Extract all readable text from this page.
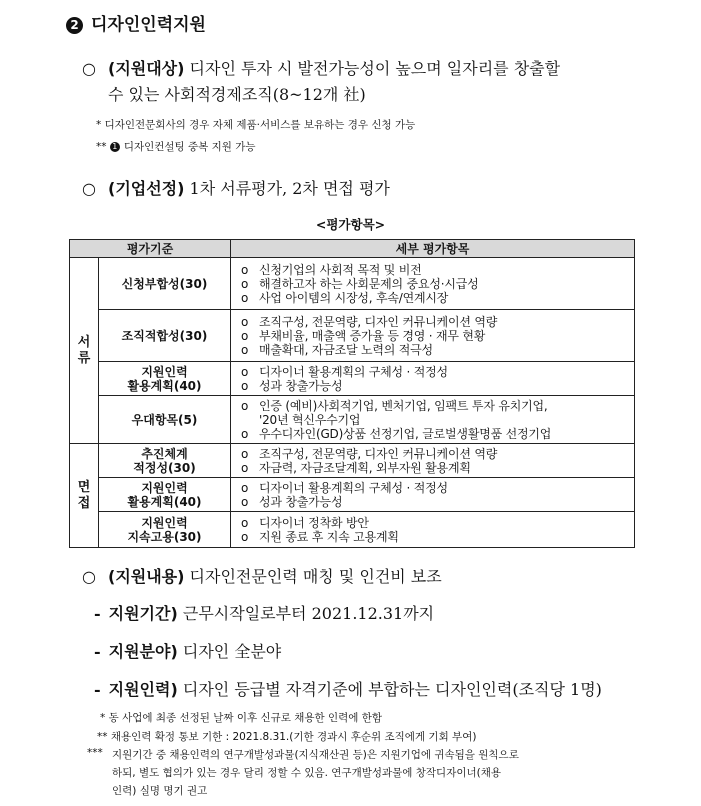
2 디자인인력지원
○ (지원대상) 디자인 투자 시 발전가능성이 높으며 일자리를 창출할
수 있는 사회적경제조직(8~12개 社)
* 디자인전문회사의 경우 자체 제품·서비스를 보유하는 경우 신청 가능
** 1 디자인컨설팅 중복 지원 가능
○ (기업선정) 1차 서류평가, 2차 면접 평가
<평가항목>
평가기준		세부 평가항목
서
류	신청부합성(30)	o 신청기업의 사회적 목적 및 비전
o 해결하고자 하는 사회문제의 중요성·시급성
o 사업 아이템의 시장성, 후속/연계시장

	조직적합성(30)	o 조직구성, 전문역량, 디자인 커뮤니케이션 역량
o 부채비율, 매출액 증가율 등 경영 · 재무 현황
o 매출확대, 자금조달 노력의 적극성

	지원인력
활용계획(40)	o 디자이너 활용계획의 구체성 · 적정성
o 성과 창출가능성

	우대항목(5)	o 인증 (예비)사회적기업, 벤처기업, 임팩트 투자 유치기업,
'20년 혁신우수기업
o 우수디자인(GD)상품 선정기업, 글로벌생활명품 선정기업

면
접	추진체계
적정성(30)	o 조직구성, 전문역량, 디자인 커뮤니케이션 역량
o 자금력, 자금조달계획, 외부자원 활용계획

	지원인력
활용계획(40)	o 디자이너 활용계획의 구체성 · 적정성
o 성과 창출가능성

	지원인력
지속고용(30)	o 디자이너 정착화 방안
o 지원 종료 후 지속 고용계획
○ (지원내용) 디자인전문인력 매칭 및 인건비 보조
- 지원기간) 근무시작일로부터 2021.12.31까지
- 지원분야) 디자인 全분야
- 지원인력) 디자인 등급별 자격기준에 부합하는 디자인인력(조직당 1명)
* 동 사업에 최종 선정된 날짜 이후 신규로 채용한 인력에 한함
** 채용인력 확정 통보 기한 : 2021.8.31.(기한 경과시 후순위 조직에게 기회 부여)
*** 지원기간 중 채용인력의 연구개발성과물(지식재산권 등)은 지원기업에 귀속됨을 원칙으로
하되, 별도 협의가 있는 경우 달리 정할 수 있음. 연구개발성과물에 창작디자이너(채용
인력) 실명 명기 권고
